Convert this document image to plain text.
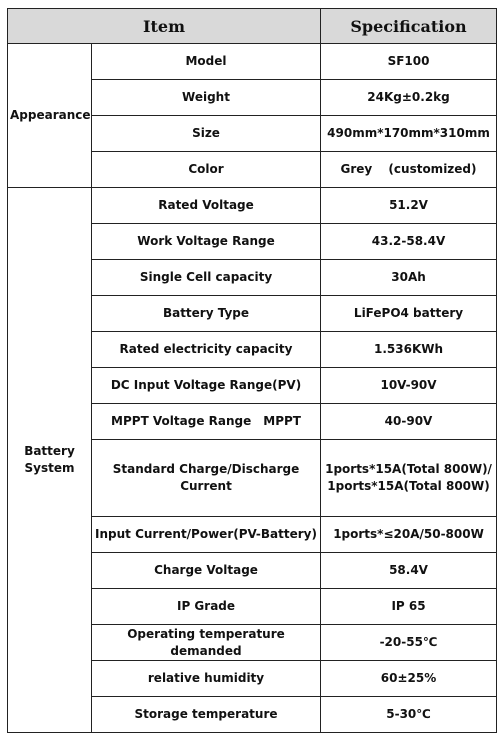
Item		Specification
Appearance	Model	SF100
	Weight	24Kg±0.2kg
	Size	490mm*170mm*310mm
	Color	Grey 　(customized)

Battery
System	Rated Voltage	51.2V
	Work Voltage Range	43.2-58.4V
	Single Cell capacity	30Ah
	Battery Type	LiFePO4 battery
	Rated electricity capacity	1.536KWh
	DC Input Voltage Range(PV)	10V-90V
	MPPT Voltage Range　MPPT	40-90V
	Standard Charge/Discharge Current	1ports*15A(Total 800W)/
1ports*15A(Total 800W)

	Input Current/Power(PV-Battery)	1ports*≤20A/50-800W
	Charge Voltage	58.4V
	IP Grade	IP 65
	Operating temperature demanded	-20-55℃
	relative humidity	60±25%
	Storage temperature	5-30℃
